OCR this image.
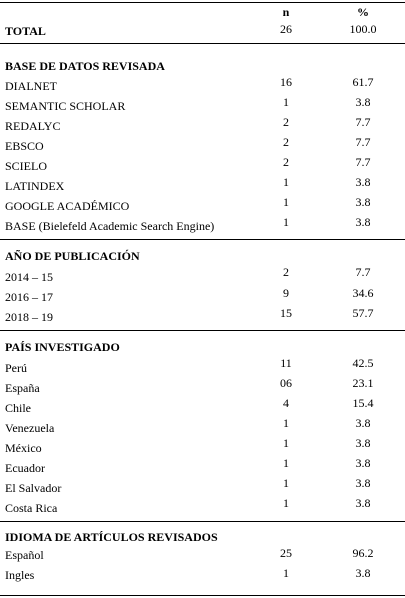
n	%
TOTAL	26	100.0
BASE DE DATOS REVISADA
DIALNET	16	61.7
SEMANTIC SCHOLAR	1	3.8
REDALYC	2	7.7
EBSCO	2	7.7
SCIELO	2	7.7
LATINDEX	1	3.8
GOOGLE ACADÉMICO	1	3.8
BASE (Bielefeld Academic Search Engine)	1	3.8
AÑO DE PUBLICACIÓN
2014 – 15	2	7.7
2016 – 17	9	34.6
2018 – 19	15	57.7
PAÍS INVESTIGADO
Perú	11	42.5
España	06	23.1
Chile	4	15.4
Venezuela	1	3.8
México	1	3.8
Ecuador	1	3.8
El Salvador	1	3.8
Costa Rica	1	3.8
IDIOMA DE ARTÍCULOS REVISADOS
Español	25	96.2
Ingles	1	3.8
